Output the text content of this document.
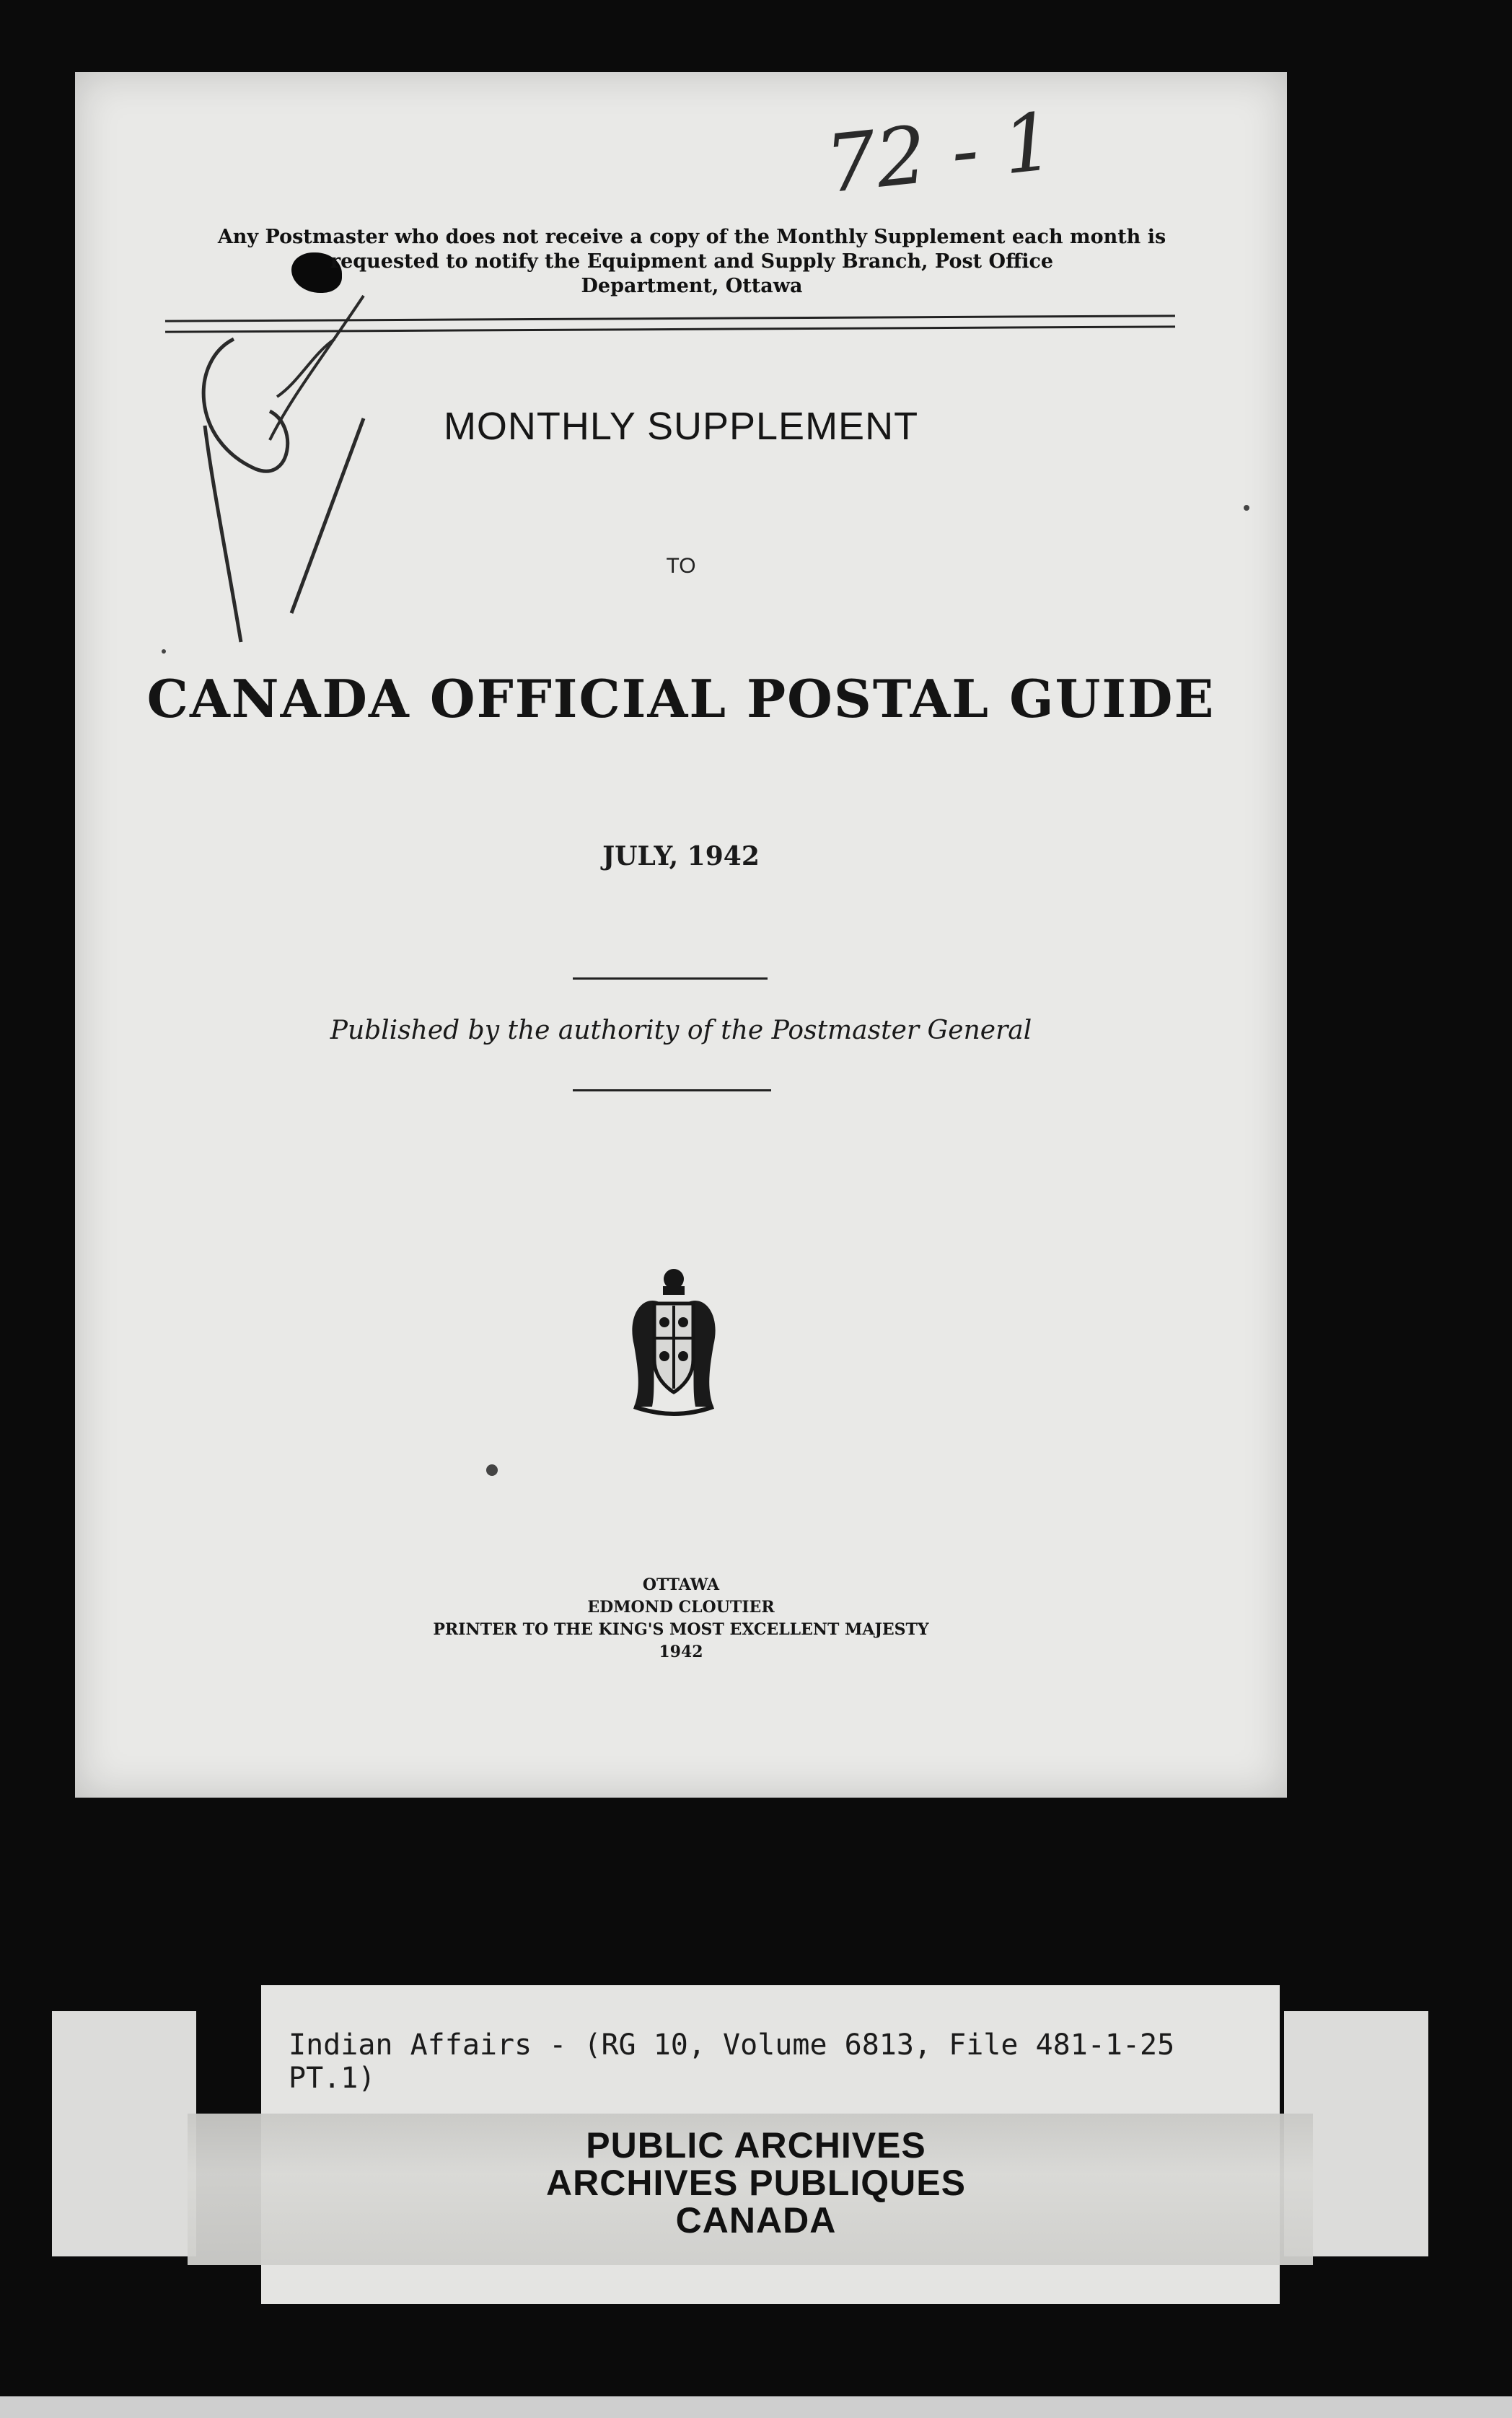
72 - 1
Any Postmaster who does not receive a copy of the Monthly Supplement each month is
requested to notify the Equipment and Supply Branch, Post Office
Department, Ottawa
MONTHLY SUPPLEMENT
TO
CANADA OFFICIAL POSTAL GUIDE
JULY, 1942
Published by the authority of the Postmaster General
OTTAWA
EDMOND CLOUTIER
PRINTER TO THE KING'S MOST EXCELLENT MAJESTY
1942
Indian Affairs - (RG 10, Volume 6813, File 481-1-25 PT.1)
PUBLIC ARCHIVES
ARCHIVES PUBLIQUES
CANADA
